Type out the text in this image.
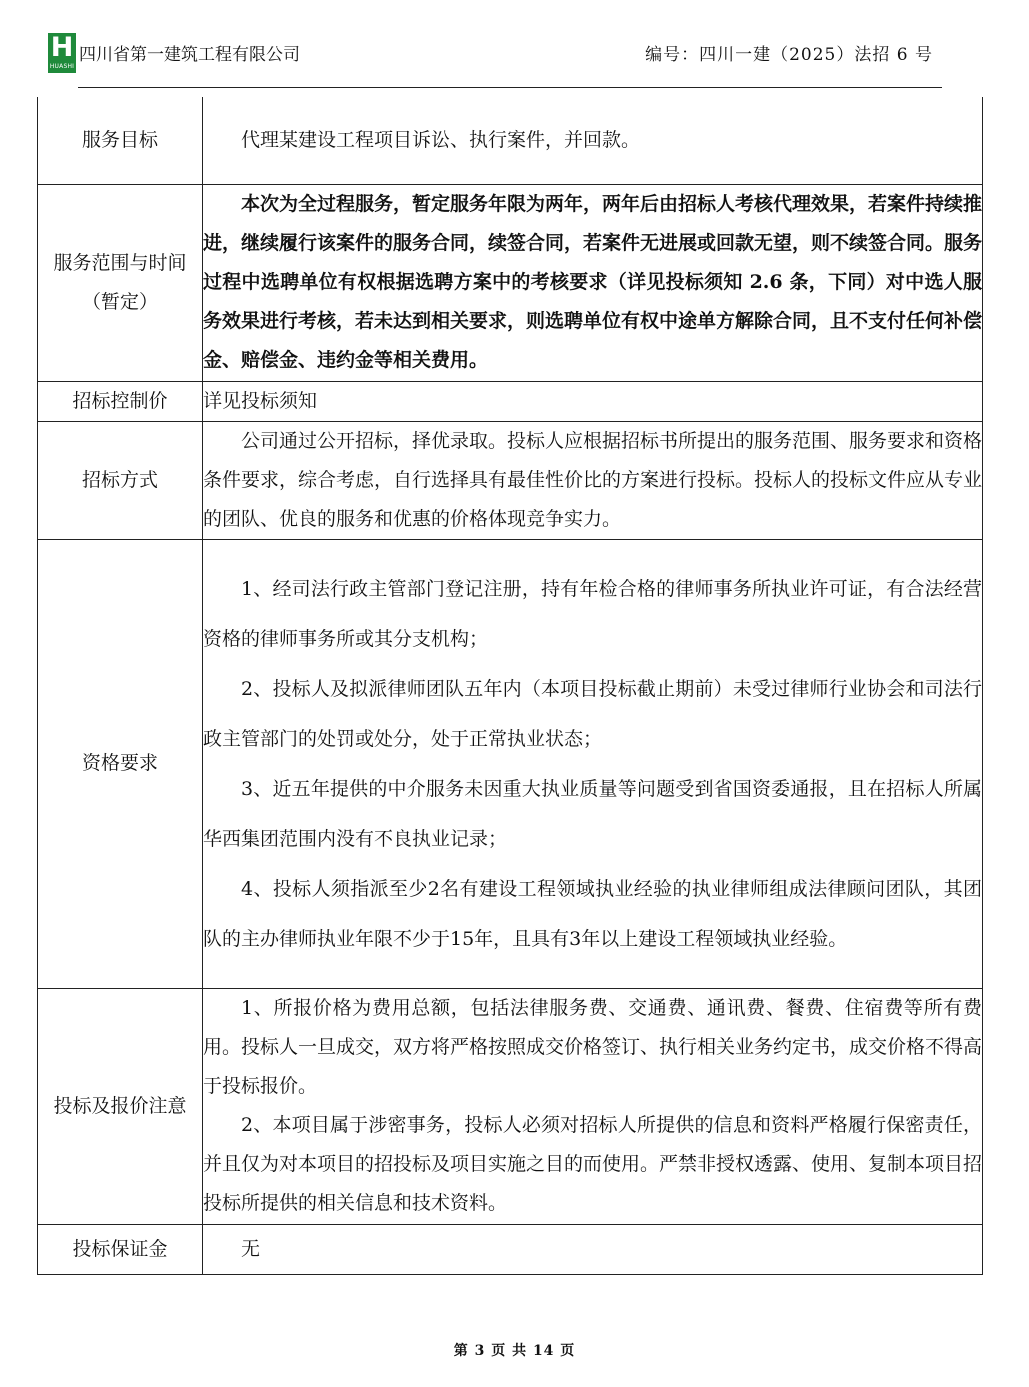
H
HUASHI
四川省第一建筑工程有限公司	编号：四川一建（2025）法招 6 号
服务目标	代理某建设工程项目诉讼、执行案件，并回款。

服务范围与时间（暂定）	本次为全过程服务，暂定服务年限为两年，两年后由招标人考核代理效果，若案件持续推进，继续履行该案件的服务合同，续签合同，若案件无进展或回款无望，则不续签合同。服务过程中选聘单位有权根据选聘方案中的考核要求（详见投标须知 2.6 条，下同）对中选人服务效果进行考核，若未达到相关要求，则选聘单位有权中途单方解除合同，且不支付任何补偿金、赔偿金、违约金等相关费用。

招标控制价	详见投标须知

招标方式	公司通过公开招标，择优录取。投标人应根据招标书所提出的服务范围、服务要求和资格条件要求，综合考虑，自行选择具有最佳性价比的方案进行投标。投标人的投标文件应从专业的团队、优良的服务和优惠的价格体现竞争实力。

资格要求	1、经司法行政主管部门登记注册，持有年检合格的律师事务所执业许可证，有合法经营资格的律师事务所或其分支机构；

2、投标人及拟派律师团队五年内（本项目投标截止期前）未受过律师行业协会和司法行政主管部门的处罚或处分，处于正常执业状态；

3、近五年提供的中介服务未因重大执业质量等问题受到省国资委通报，且在招标人所属华西集团范围内没有不良执业记录；

4、投标人须指派至少2名有建设工程领域执业经验的执业律师组成法律顾问团队，其团队的主办律师执业年限不少于15年，且具有3年以上建设工程领域执业经验。

投标及报价注意	1、所报价格为费用总额，包括法律服务费、交通费、通讯费、餐费、住宿费等所有费用。投标人一旦成交，双方将严格按照成交价格签订、执行相关业务约定书，成交价格不得高于投标报价。

2、本项目属于涉密事务，投标人必须对招标人所提供的信息和资料严格履行保密责任，并且仅为对本项目的招投标及项目实施之目的而使用。严禁非授权透露、使用、复制本项目招投标所提供的相关信息和技术资料。

投标保证金	无

第 3 页 共 14 页
